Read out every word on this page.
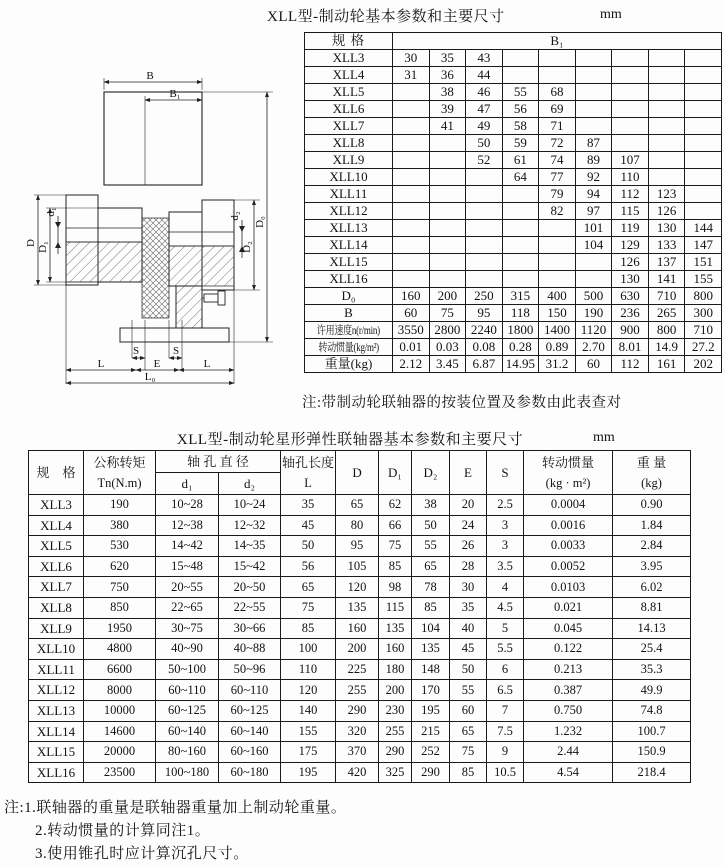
XLL型-制动轮基本参数和主要尺寸	mm
B
B₁
D D₁
d₁	d₂
D₂
D₀
S	S
L	E	L
L₀
规 格	B₁								
XLL3	30	35	43						
XLL4	31	36	44						
XLL5		38	46	55	68				
XLL6		39	47	56	69				
XLL7		41	49	58	71				
XLL8			50	59	72	87			
XLL9			52	61	74	89	107		
XLL10				64	77	92	110		
XLL11					79	94	112	123	
XLL12					82	97	115	126	
XLL13						101	119	130	144
XLL14						104	129	133	147
XLL15							126	137	151
XLL16							130	141	155
D₀	160	200	250	315	400	500	630	710	800
B	60	75	95	118	150	190	236	265	300
许用速度n(r/min)	3550	2800	2240	1800	1400	1120	900	800	710
转动惯量(kg/m²)	0.01	0.03	0.08	0.28	0.89	2.70	8.01	14.9	27.2
重量(kg)	2.12	3.45	6.87	14.95	31.2	60	112	161	202
注:带制动轮联轴器的按装位置及参数由此表查对
XLL型-制动轮星形弹性联轴器基本参数和主要尺寸	mm
规　格	
公称转矩
Tn(N.m)
	轴 孔 直 径	轴孔长度
L
	D	D₁	D₂	E	S	
转动惯量
(kg · m²)

重 量
(kg)

		d₁	d₂								
XLL3	190	10~28	10~24	35	65	62	38	20	2.5	0.0004	0.90
XLL4	380	12~38	12~32	45	80	66	50	24	3	0.0016	1.84
XLL5	530	14~42	14~35	50	95	75	55	26	3	0.0033	2.84
XLL6	620	15~48	15~42	56	105	85	65	28	3.5	0.0052	3.95
XLL7	750	20~55	20~50	65	120	98	78	30	4	0.0103	6.02
XLL8	850	22~65	22~55	75	135	115	85	35	4.5	0.021	8.81
XLL9	1950	30~75	30~66	85	160	135	104	40	5	0.045	14.13
XLL10	4800	40~90	40~88	100	200	160	135	45	5.5	0.122	25.4
XLL11	6600	50~100	50~96	110	225	180	148	50	6	0.213	35.3
XLL12	8000	60~110	60~110	120	255	200	170	55	6.5	0.387	49.9
XLL13	10000	60~125	60~125	140	290	230	195	60	7	0.750	74.8
XLL14	14600	60~140	60~140	155	320	255	215	65	7.5	1.232	100.7
XLL15	20000	80~160	60~160	175	370	290	252	75	9	2.44	150.9
XLL16	23500	100~180	60~180	195	420	325	290	85	10.5	4.54	218.4
注:1.联轴器的重量是联轴器重量加上制动轮重量。
2.转动惯量的计算同注1。
3.使用锥孔时应计算沉孔尺寸。
